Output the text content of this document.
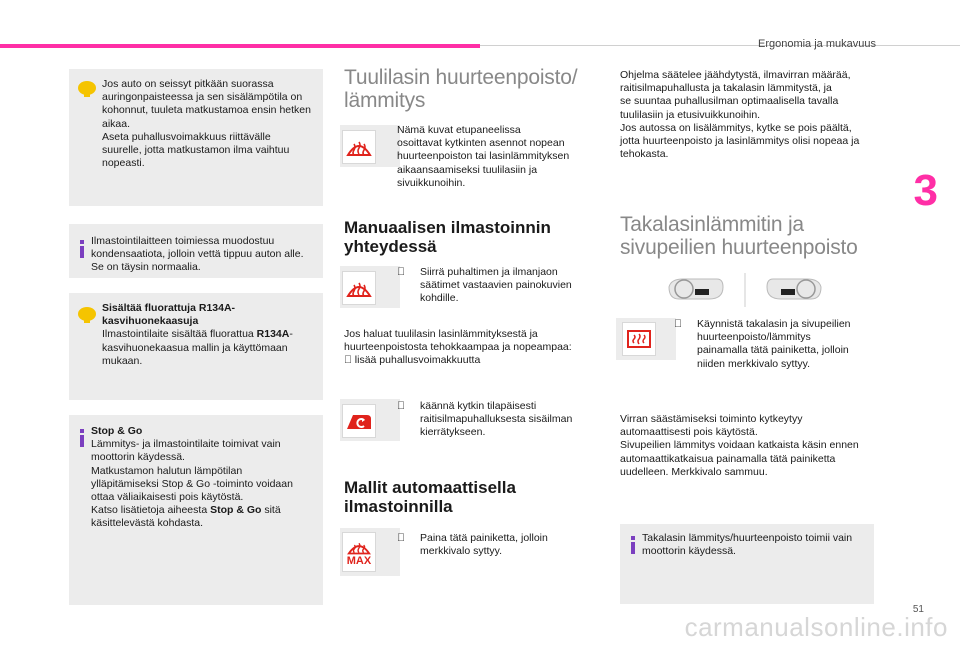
Ergonomia ja mukavuus
Jos auto on seissyt pitkään suorassa
auringonpaisteessa ja sen sisälämpötila on
kohonnut, tuuleta matkustamoa ensin hetken
aikaa.
Aseta puhallusvoimakkuus riittävälle
suurelle, jotta matkustamon ilma vaihtuu
nopeasti.
Ilmastointilaitteen toimiessa muodostuu
kondensaatiota, jolloin vettä tippuu auton alle.
Se on täysin normaalia.
Sisältää fluorattuja R134A-
kasvihuonekaasuja
Ilmastointilaite sisältää fluorattua R134A-
kasvihuonekaasua mallin ja käyttömaan
mukaan.
Stop & Go
Lämmitys- ja ilmastointilaite toimivat vain
moottorin käydessä.
Matkustamon halutun lämpötilan
ylläpitämiseksi Stop & Go -toiminto voidaan
ottaa väliaikaisesti pois käytöstä.
Katso lisätietoja aiheesta Stop & Go sitä
käsittelevästä kohdasta.
Tuulilasin huurteenpoisto/
lämmitys
Nämä kuvat etupaneelissa
osoittavat kytkinten asennot nopean
huurteenpoiston tai lasinlämmityksen
aikaansaamiseksi tuulilasiin ja
sivuikkunoihin.
Manuaalisen ilmastoinnin
yhteydessä
Siirrä puhaltimen ja ilmanjaon
säätimet vastaavien painokuvien
kohdille.
Jos haluat tuulilasin lasinlämmityksestä ja
huurteenpoistosta tehokkaampaa ja nopeampaa:
lisää puhallusvoimakkuutta
käännä kytkin tilapäisesti
raitisilmapuhalluksesta sisäilman
kierrätykseen.
Mallit automaattisella
ilmastoinnilla
MAX
Paina tätä painiketta, jolloin
merkkivalo syttyy.
Ohjelma säätelee jäähdytystä, ilmavirran määrää,
raitisilmapuhallusta ja takalasin lämmitystä, ja
se suuntaa puhallusilman optimaalisella tavalla
tuulilasiin ja etusivuikkunoihin.
Jos autossa on lisälämmitys, kytke se pois päältä,
jotta huurteenpoisto ja lasinlämmitys olisi nopeaa ja
tehokasta.
Takalasinlämmitin ja
sivupeilien huurteenpoisto
Käynnistä takalasin ja sivupeilien
huurteenpoisto/lämmitys
painamalla tätä painiketta, jolloin
niiden merkkivalo syttyy.
Virran säästämiseksi toiminto kytkeytyy
automaattisesti pois käytöstä.
Sivupeilien lämmitys voidaan katkaista käsin ennen
automaattikatkaisua painamalla tätä painiketta
uudelleen. Merkkivalo sammuu.
Takalasin lämmitys/huurteenpoisto toimii vain
moottorin käydessä.
3
51
carmanualsonline.info
